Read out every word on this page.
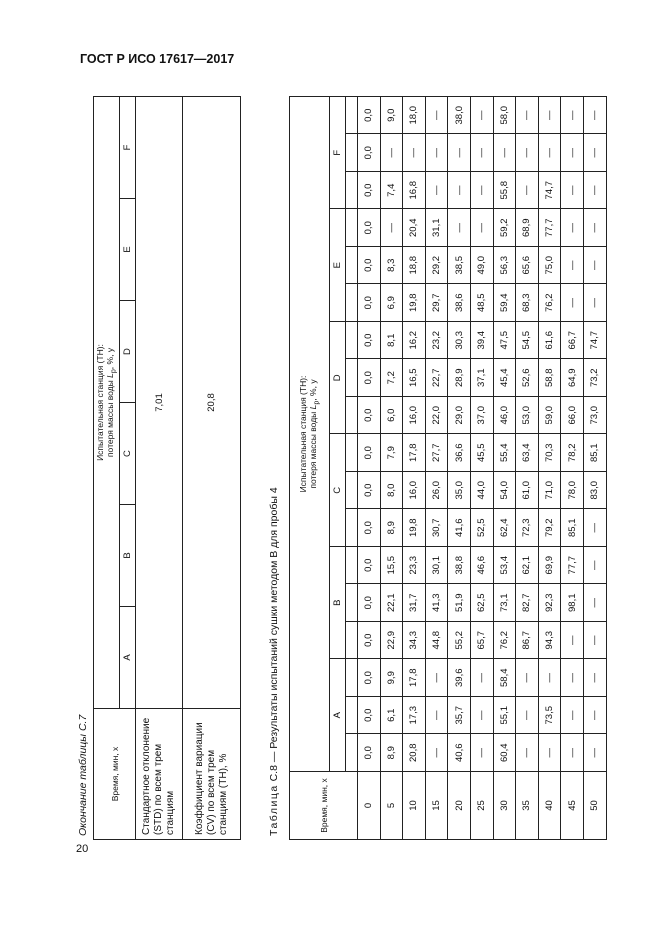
ГОСТ Р ИСО 17617—2017
20
Окончание таблицы С.7 Время, мин, x	Испытательная станция (ТН):
потеря массы воды $L_p$, %, y					
	A	B	C	D	E	F
Стандартное отклонение (STD) по всем трем станциям	7,01					
Коэффициент вариации (CV) по всем трем станциям (ТН), %	20,8					
Таблица С.8 — Результаты испытаний сушки методом В для пробы 4
Время, мин, x	Испытательная станция (ТН):
потеря массы воды $L_p$, %, y																	
	A			B			C			D			E			F		

0	0,0	0,0	0,0	0,0	0,0	0,0	0,0	0,0	0,0	0,0	0,0	0,0	0,0	0,0	0,0	0,0	0,0	0,0
5	8,9	6,1	9,9	22,9	22,1	15,5	8,9	8,0	7,9	6,0	7,2	8,1	6,9	8,3	—	7,4	—	9,0
10	20,8	17,3	17,8	34,3	31,7	23,3	19,8	16,0	17,8	16,0	16,5	16,2	19,8	18,8	20,4	16,8	—	18,0
15	—	—	—	44,8	41,3	30,1	30,7	26,0	27,7	22,0	22,7	23,2	29,7	29,2	31,1	—	—	—
20	40,6	35,7	39,6	55,2	51,9	38,8	41,6	35,0	36,6	29,0	28,9	30,3	38,6	38,5	—	—	—	38,0
25	—	—	—	65,7	62,5	46,6	52,5	44,0	45,5	37,0	37,1	39,4	48,5	49,0	—	—	—	—
30	60,4	55,1	58,4	76,2	73,1	53,4	62,4	54,0	55,4	46,0	45,4	47,5	59,4	56,3	59,2	55,8	—	58,0
35	—	—	—	86,7	82,7	62,1	72,3	61,0	63,4	53,0	52,6	54,5	68,3	65,6	68,9	—	—	—
40	—	73,5	—	94,3	92,3	69,9	79,2	71,0	70,3	59,0	58,8	61,6	76,2	75,0	77,7	74,7	—	—
45	—	—	—	—	98,1	77,7	85,1	78,0	78,2	66,0	64,9	66,7	—	—	—	—	—	—
50	—	—	—	—	—	—	—	83,0	85,1	73,0	73,2	74,7	—	—	—	—	—	—
